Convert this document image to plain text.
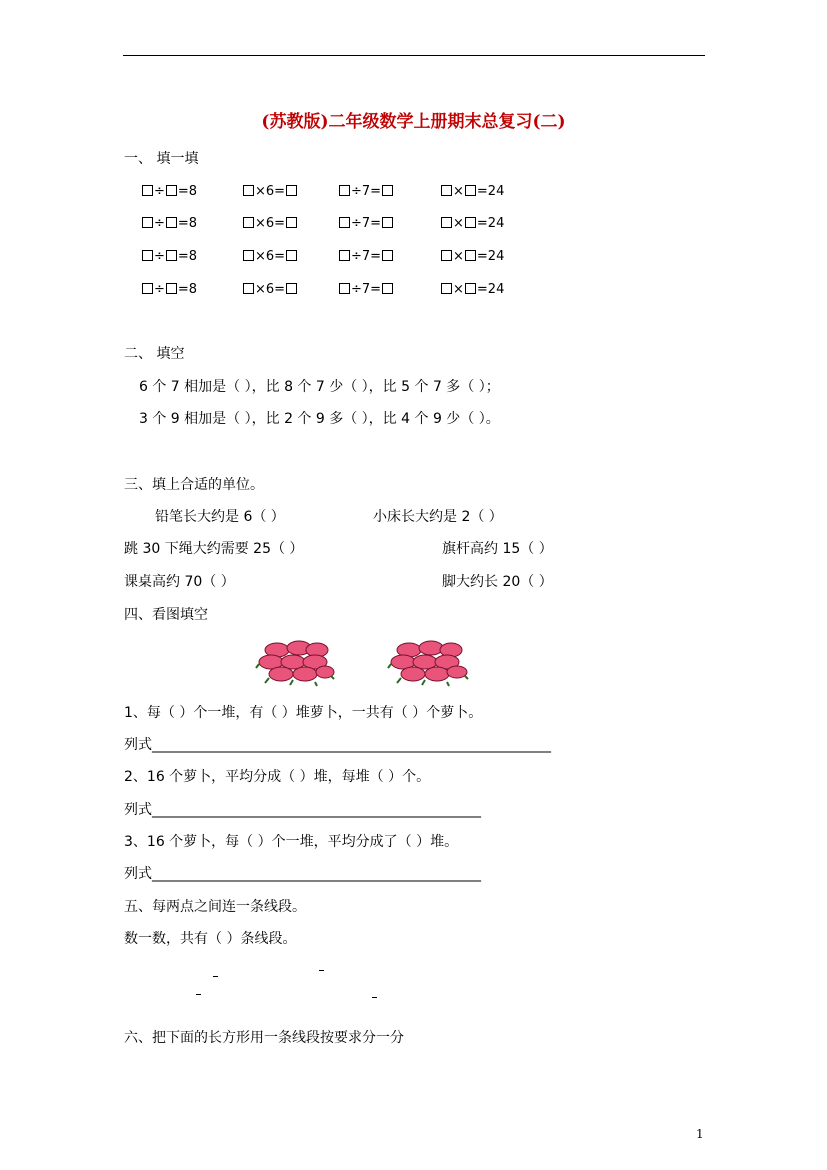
(苏教版)二年级数学上册期末总复习(二)
一、 填一填
÷ =8	×6=	÷7=	× =24
÷ =8	×6=	÷7=	× =24
÷ =8	×6=	÷7=	× =24
÷ =8	×6=	÷7=	× =24
二、 填空
6 个 7 相加是（ ），比 8 个 7 少（ ），比 5 个 7 多（ ）；
3 个 9 相加是（ ），比 2 个 9 多（ ），比 4 个 9 少（ ）。
三、填上合适的单位。
铅笔长大约是 6（ ）	小床长大约是 2（ ）
跳 30 下绳大约需要 25（ ）	旗杆高约 15（ ）
课桌高约 70（ ）	脚大约长 20（ ）
四、看图填空
1、每（ ）个一堆，有（ ）堆萝卜，一共有（ ）个萝卜。
列式_________________________________________________________
2、16 个萝卜，平均分成（ ）堆，每堆（ ）个。
列式_______________________________________________
3、16 个萝卜，每（ ）个一堆，平均分成了（ ）堆。
列式_______________________________________________
五、每两点之间连一条线段。
数一数，共有（ ）条线段。
六、把下面的长方形用一条线段按要求分一分
1
